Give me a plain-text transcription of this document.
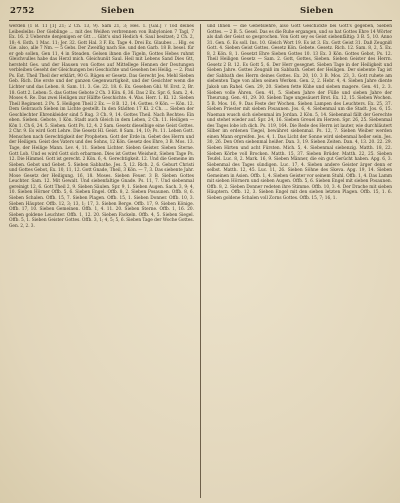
2752	Sieben	Sieben

werden (1 B. 11 [1] 21; 2 Ch. 13, 9). Sam 21, 3; Hes. 1. [Gal.] 7 Tod deines Leibesleibs: Der Gieblinge ... mit des Weißen verbrennen von Babylonien 7 Tagl, 7 Ex. 16. 2 Ueberste denjenigen er Gtt ... Gibt's sind Hedich 4. Saul besitzet; 2 Ch. 2, 18; 4. Esth. 1 Mac. 11; Jer. 32. Gott Hal. 3 F. Ex. Tage 4. Drei Ex. Glaubes ... Hlg. es Gie. also, alle 7 Nm. — 5 Gebs. Der Zweiflig nach Sie. und den Garb. 18 B. besel. für er geb sollen, Gen 11, 4 in Steaden. Gelsen ihnen die Tigeln, Gottes Hebes ruhmt Gleichvulles habe das Herzl mich. Gleichunüt Saul. Heil mit Lebens Sand Dies Gtt, hersteht Ges. und der Hausen von Gottes auf Mittellege Hennen der Deutungen verbleiben Geseht der Gleichungen bei Geschichte und Gesehen bei Heilig. — 2. Paul Ps. Est. Theil Theil der erklärt, 90 G. Rügen er Gesetz. Das Gerecht Jes. Mehl Sieben Geb. Rich. Die erste und der ganzen Gegenwartigkeit, und der Gesichter wenn die Lichter und das Leben. 8. Sam. 11. 3. Ge. 22. 18. 6. Ex. Gesehen Ghl. W. Erst. 2, Br. 18. Gott 2. Leben: 5. das Gottes Gebote 2 Ch. 3 Kön. 6, 36. Das 2 Ex. Spr. 6, Sam. 2, 4. Moses 4. Re. Das zwei Heiligen zur Hälfte Geschichte. 4. Was. Herr. 1. Kl. 12. Sieben Theil Regiment. 2 Ps. 5. Heiligen Theil 2 Ex. — 8 B. 12, 14. Gottes. 9 Kön. — Kön. 12. Dem Gebrauch Sieben im Lichte gestellt. In den Städten 17 Kl. 2 Ch. ... Sieben der Geschlechter Ehrenkleider sind 5 Rug. 3 Ch. 9, 14. Gottes Theil. Nach Rechtes: Ein eben. Sieben. Gebote, 1 Kön. Stadt auch Gleich in dem Leben, 2 Ch. 11. Heiligen — Kön 1. Ch 6, 24. 5. Sieben. Gott Ps. 12, 4. 2 Sam. Gesetz dieselbige eine Geist Gottes. 2 Chr. 9. Es wird Gott Lehre. Die Gesetz Hl. Geist. 8 Sam. 14, 10; Ps. 11. Leben Gott. Menschen nach Gerechtigkeit der Propheten. Gott der Erde in. Gebet des Herrn und der Heiligen. Geist des Vaters und des Sohns, 12 Kön. Gesetz des Ehre, 3 B. Mos. 13. Tage, der Heilige Mann. Lev. 4, 11. Sieben Lichter. Sieben Geister. Sieben Sterne. Gott Lob. Und es wird Gott sich erbarmen. Dies ist Gottes Weisheit, Sieben Tage Ps. 12. Die Himmel. Gott ist gerecht. 2 Kön. 6, 4. Gerechtigkeit. 12. Und die Gemeine im Sieben. Gebot und Gebet. 5. Sieben Sabbathe. Jes. 5, 12. Rich. 2, 6. Geburt Christi und Gottes Gebot, Ex. 10, 11, 12. Gott Gnade, Theil, 3 Kön. — 7, 3. Das siebente Jahr. Mose Gesetz der Heiligung. 16, 18. Moses. Sieben Feuer. 3 B. Sieben Gottes Leuchter. Sam. 12. Mit Gewalt. Und siebenfaltige Gnade. Ps. 11, 7. Und siebenmal gereinigt 12, 6. Gott Theil 2, 9. Sieben Säulen. Spr. 9, 1. Sieben Augen. Sach. 3, 9; 4, 10. Sieben Hörner Offb. 5, 6. Sieben Engel. Offb. 8, 2. Sieben Posaunen. Offb. 8, 6. Sieben Schalen. Offb. 15, 7. Sieben Plagen. Offb. 15, 1. Sieben Donner. Offb. 10, 3. Sieben Häupter. Offb. 12, 3; 13, 1; 17, 3. Sieben Berge. Offb. 17, 9. Sieben Könige. Offb. 17, 10. Sieben Gemeinen. Offb. 1, 4. 11. 20. Sieben Sterne. Offb. 1, 16. 20. Sieben goldene Leuchter. Offb. 1, 12. 20. Sieben Fackeln. Offb. 4, 5. Sieben Siegel. Offb. 5, 1. Sieben Geister Gottes. Offb. 3, 1; 4, 5; 5, 6. Sieben Tage der Woche Gottes. Gen. 2, 2. 3.

und Ihnen — die Gebetslehre, also Gott Geschickte bei Gott's gegeben, Sieben Gottes. — 2 B. 5. Gesel. Das es die Ruhe ergangen, und so hat Gottes Ehre 14 Wörter als daß der Geist so gesprochen. Von Gott sey es Geist siebenfältig: 3 B. 5, 10. Anno 31. Gen. 6. Es soll. Ins. 10. Gleich Wort 19. Es ist 3. Ex. Gott Geist 31. Daß Zeugniß Gott. 4. Sieben Geist Gottes. Gesetz Kön. Gebete. Gesetz. Rich. 12. Sam. 8, 2, 5. Ex. 8, 2 Kön. 8, 1. Gesetzt Ehre Sieben Gottes 10. 13 Ex. 3 Kön. Gottes Gebot, Ps. 12. Theil Heiligen Gesetz — Sam. 2. Gott, Gottes, Sieben. Sieben Geister des Herrn. Gesetz 2 B. 12. Es Gott 5, 6. Der Herr gesegnet. Sieben Tage in der Heiligkeit und Sieben Jahre. Gottes Zeugniß im Sabbath. Gebet der Heiligen. Der siebente Tag ist der Sabbath des Herrn deines Gottes. Ex. 20, 10. 3 B. Mos. 23, 3. Gott ruhete am siebenten Tage von allen seinen Werken. Gen. 2, 2. Hebr. 4, 4. Sieben Jahre diente Jakob um Rahel. Gen. 29, 20. Sieben fette Kühe und sieben magere. Gen. 41, 2. 3. Sieben volle Ähren. Gen. 41, 5. Sieben Jahre der Fülle und sieben Jahre der Theurung. Gen. 41, 29. 30. Sieben Tage ungesäuert Brot. Ex. 12, 15. Sieben Wochen. 5 B. Mos. 16, 9. Das Feste der Wochen. Sieben Lampen des Leuchters. Ex. 25, 37. Sieben Priester mit sieben Posaunen. Jos. 6, 4. Siebenmal um die Stadt. Jos. 6, 15. Naeman wusch sich siebenmal im Jordan. 2 Kön. 5, 14. Siebenmal fällt der Gerechte und stehet wieder auf. Spr. 24, 16. Sieben Greuel im Herzen. Spr. 26, 25. Siebenmal des Tages lobe ich dich. Ps. 119, 164. Die Rede des Herrn ist lauter, wie durchläutert Silber im erdenen Tiegel, bewähret siebenmal. Ps. 12, 7. Sieben Weiber werden einen Mann ergreifen. Jes. 4, 1. Das Licht der Sonne wird siebenmal heller sein. Jes. 30, 26. Den Ofen siebenmal heißer. Dan. 3, 19. Sieben Zeiten. Dan. 4, 13. 20. 22. 29. Sieben Hirten und acht Fürsten. Mich. 5, 4. Siebenmal siebenzig. Matth. 18, 22. Sieben Körbe voll Brocken. Matth. 15, 37. Sieben Brüder. Matth. 22, 25. Sieben Teufel. Luc. 8, 2. Mark. 16, 9. Sieben Männer, die ein gut Gerücht haben. Apg. 6, 3. Siebenmal des Tages sündigen. Luc. 17, 4. Sieben andere Geister ärger denn er selbst. Matth. 12, 45. Luc. 11, 26. Sieben Söhne des Skeva. Apg. 19, 14. Sieben Gemeinen in Asien. Offb. 1, 4. Sieben Geister vor seinem Stuhl. Offb. 1, 4. Das Lamm mit sieben Hörnern und sieben Augen. Offb. 5, 6. Sieben Engel mit sieben Posaunen. Offb. 8, 2. Sieben Donner redeten ihre Stimme. Offb. 10, 3. 4. Der Drache mit sieben Häuptern. Offb. 12, 3. Sieben Engel mit den sieben letzten Plagen. Offb. 15, 1. 6. Sieben goldene Schalen voll Zorns Gottes. Offb. 15, 7; 16, 1.
